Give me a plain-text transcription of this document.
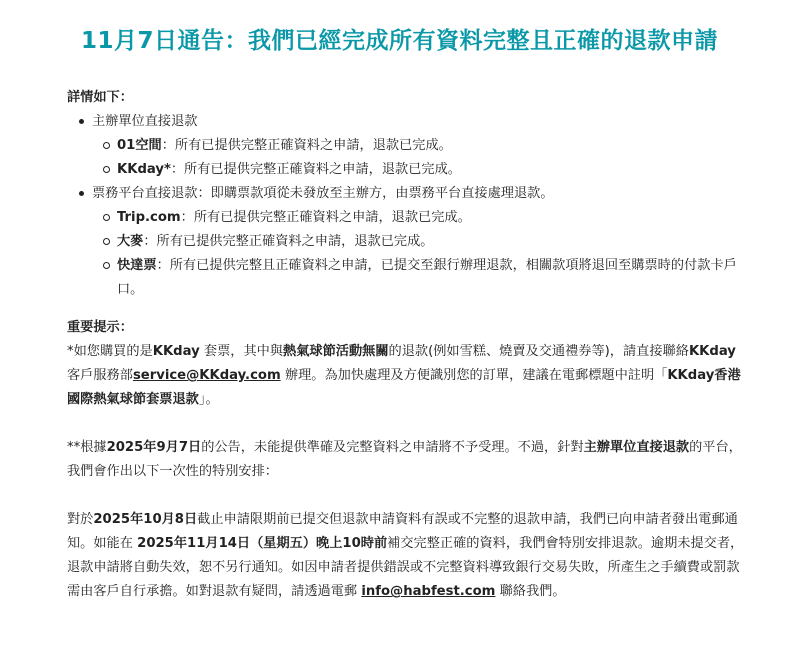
11月7日通告：我們已經完成所有資料完整且正確的退款申請

詳情如下：

主辦單位直接退款
01空間：所有已提供完整正確資料之申請，退款已完成。
KKday*：所有已提供完整正確資料之申請，退款已完成。
票務平台直接退款：即購票款項從未發放至主辦方，由票務平台直接處理退款。
Trip.com：所有已提供完整正確資料之申請，退款已完成。
大麥：所有已提供完整正確資料之申請，退款已完成。
快達票：所有已提供完整且正確資料之申請，已提交至銀行辦理退款，相關款項將退回至購票時的付款卡戶口。

重要提示：

*如您購買的是KKday 套票，其中與熱氣球節活動無關的退款(例如雪糕、燒賣及交通禮券等)，請直接聯絡KKday 客戶服務部service@KKday.com 辦理。為加快處理及方便識別您的訂單，建議在電郵標題中註明「KKday香港國際熱氣球節套票退款」。

**根據2025年9月7日的公告，未能提供準確及完整資料之申請將不予受理。不過，針對主辦單位直接退款的平台，我們會作出以下一次性的特別安排：

對於2025年10月8日截止申請限期前已提交但退款申請資料有誤或不完整的退款申請，我們已向申請者發出電郵通知。如能在 2025年11月14日（星期五）晚上10時前補交完整正確的資料，我們會特別安排退款。逾期未提交者，退款申請將自動失效，恕不另行通知。如因申請者提供錯誤或不完整資料導致銀行交易失敗，所產生之手續費或罰款需由客戶自行承擔。如對退款有疑問，請透過電郵 info@habfest.com 聯絡我們。
